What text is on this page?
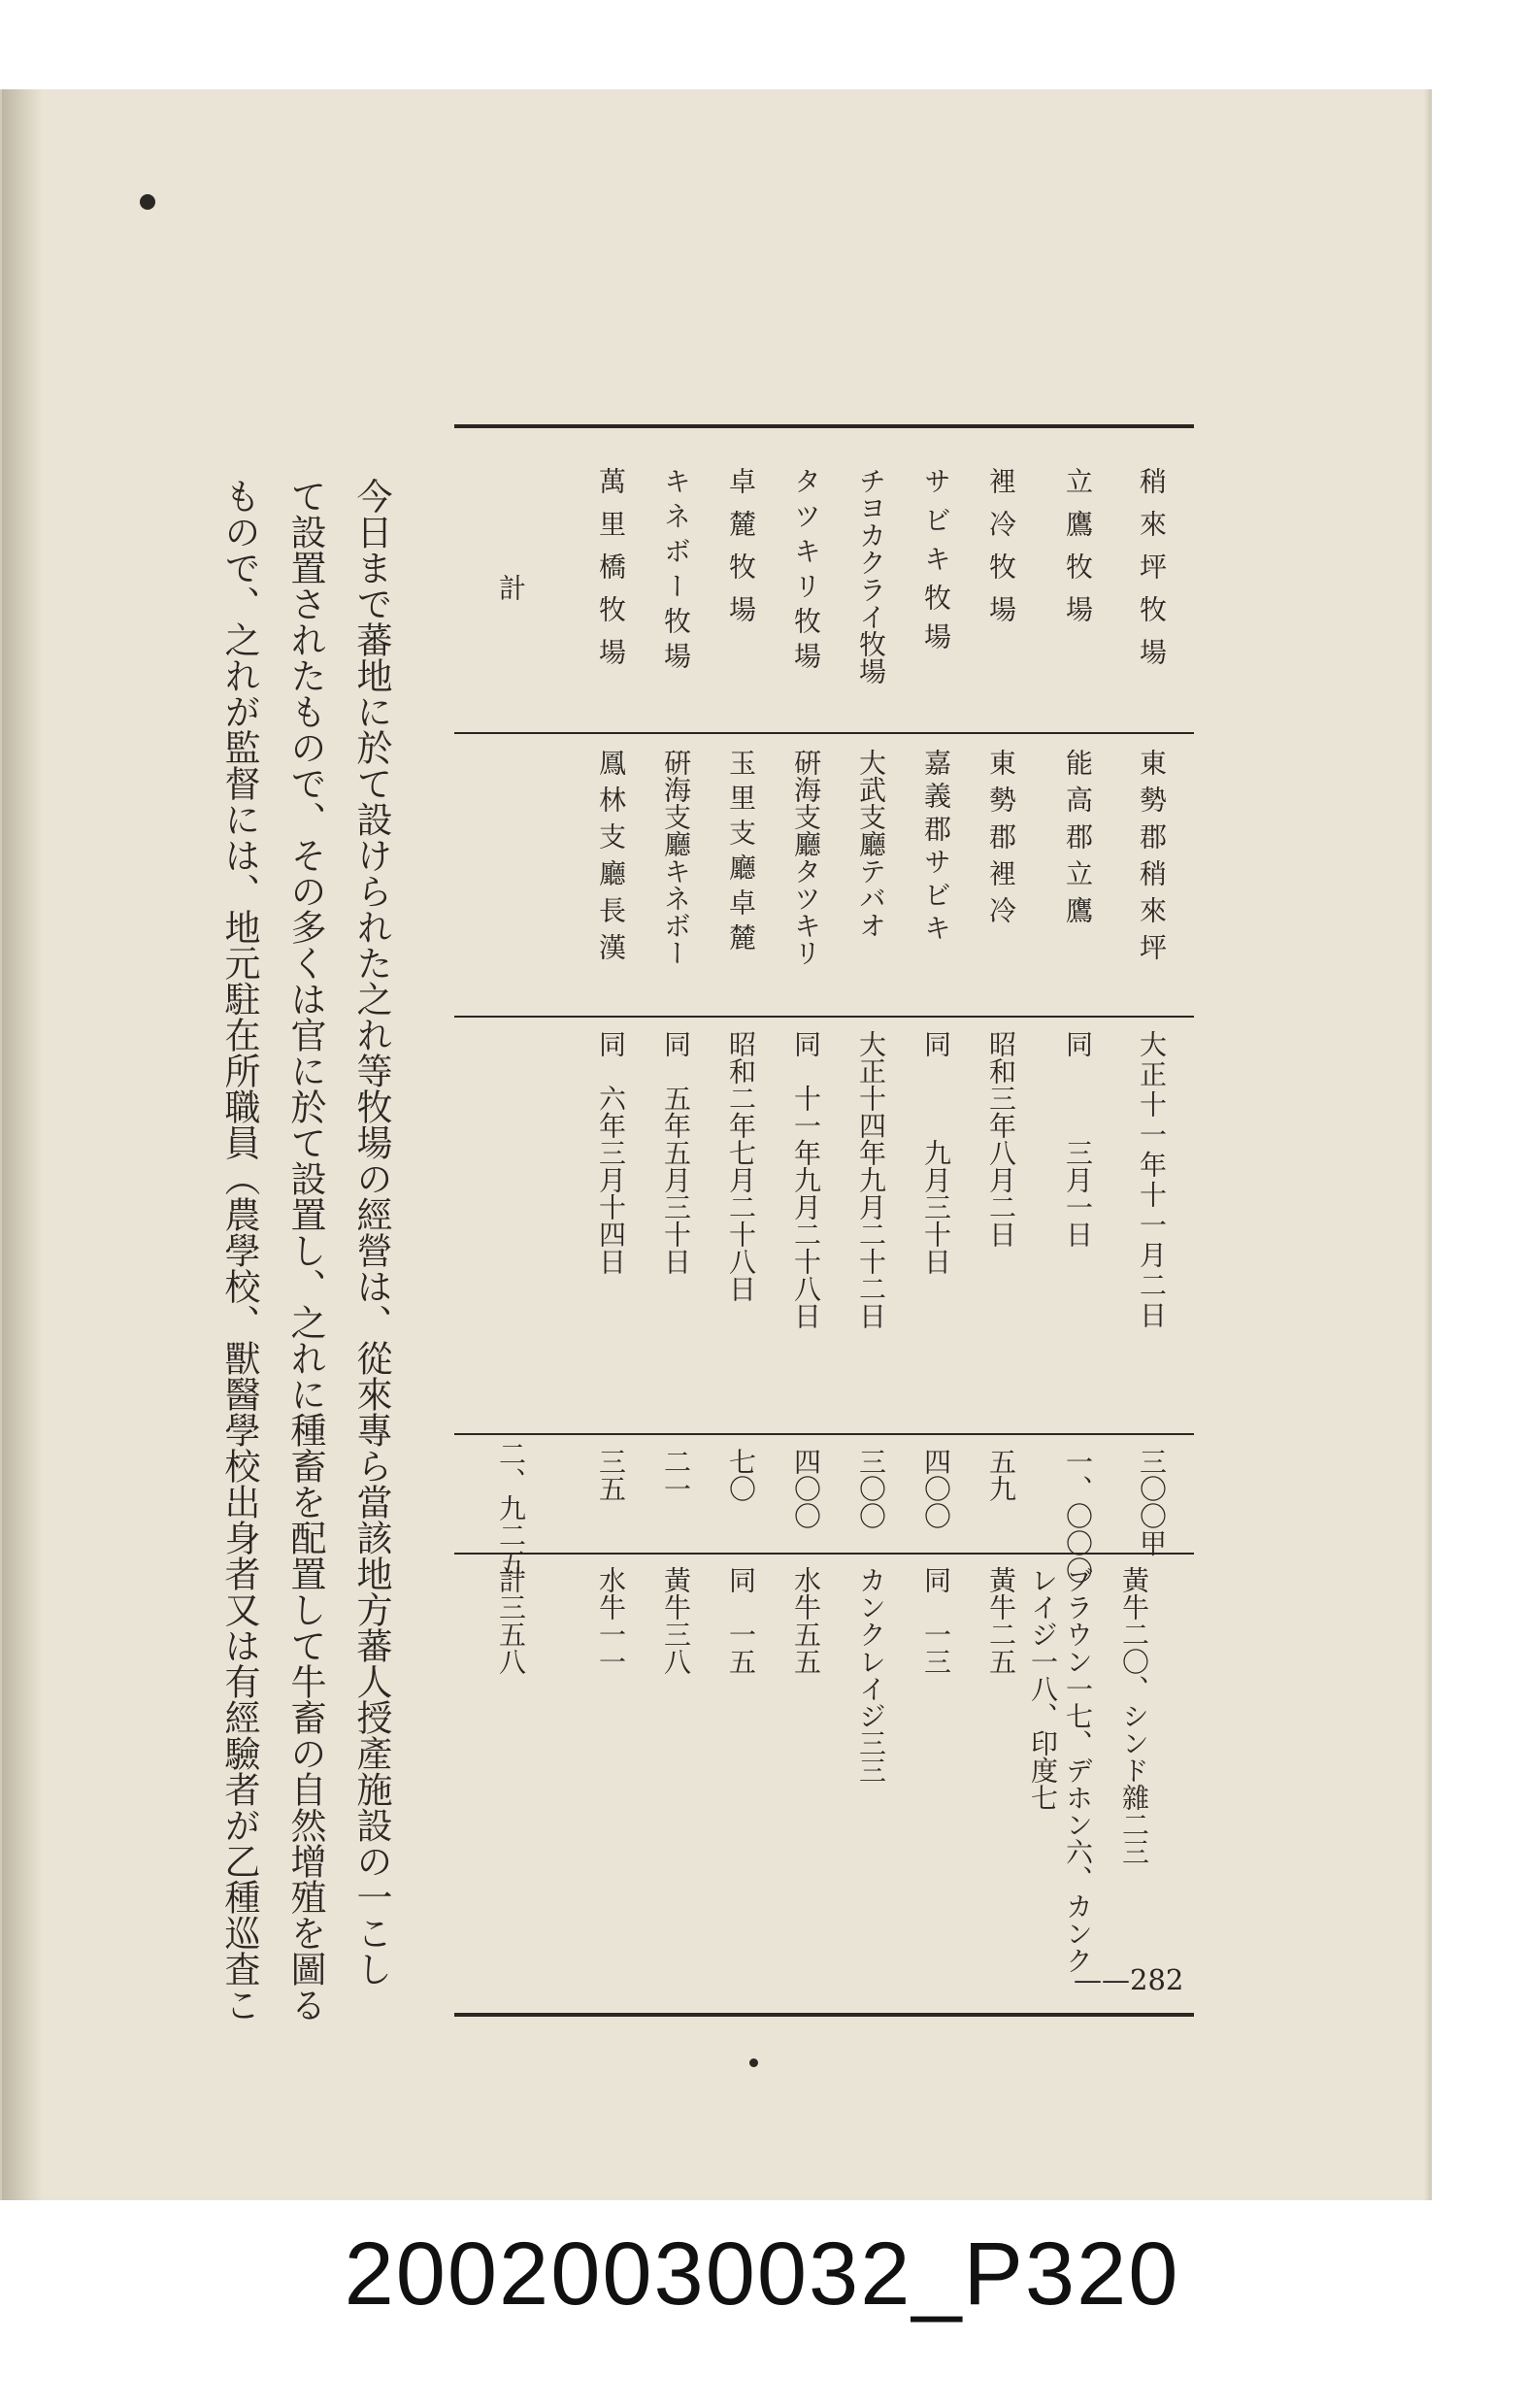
稍來坪牧場
東勢郡稍來坪
大正十一年十一月二日
三〇〇甲
黃牛二〇、シンド雜二三
立鷹牧場
能高郡立鷹
同　　　三月一日
一、〇〇〇
ブラウン一七、デホン六、カンクレイジ一八、印度七
裡冷牧場
東勢郡裡冷
昭和三年八月二日
五九
黃牛二五
サビキ牧場
嘉義郡サビキ
同　　　九月三十日
四〇〇
同　一三
チヨカクライ牧場
大武支廳テバオ
大正十四年九月二十二日
三〇〇
カンクレイジ三三
タツキリ牧場
硏海支廳タツキリ
同　十一年九月二十八日
四〇〇
水牛五五
卓麓牧場
玉里支廳卓麓
昭和二年七月二十八日
七〇
同　一五
キネボー牧場
硏海支廳キネボー
同　五年五月三十日
二一
黃牛三八
萬里橋牧場
鳳林支廳長漢
同　六年三月十四日
三五
水牛一一
計
二、九二五
計三五八
今日まで蕃地に於て設けられた之れ等牧場の經營は、從來專ら當該地方蕃人授產施設の一こし
て設置されたもので、その多くは官に於て設置し、之れに種畜を配置して牛畜の自然增殖を圖る
もので、之れが監督には、地元駐在所職員（農學校、獸醫學校出身者又は有經驗者が乙種巡査こ	——282
20020030032_P320
